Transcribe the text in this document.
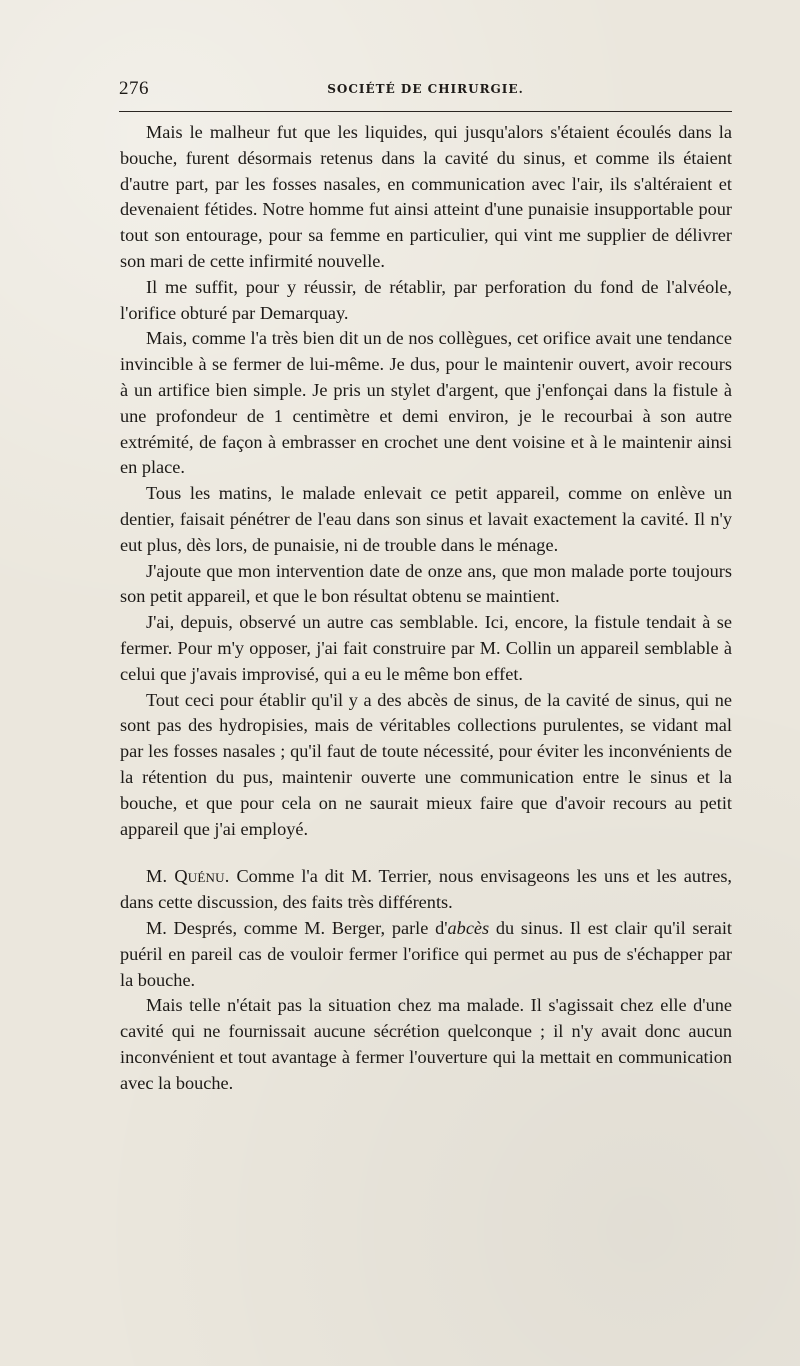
276	SOCIÉTÉ DE CHIRURGIE.

Mais le malheur fut que les liquides, qui jusqu'alors s'étaient écoulés dans la bouche, furent désormais retenus dans la cavité du sinus, et comme ils étaient d'autre part, par les fosses nasales, en communication avec l'air, ils s'altéraient et devenaient fétides. Notre homme fut ainsi atteint d'une punaisie insupportable pour tout son entourage, pour sa femme en particulier, qui vint me supplier de délivrer son mari de cette infirmité nouvelle.

Il me suffit, pour y réussir, de rétablir, par perforation du fond de l'alvéole, l'orifice obturé par Demarquay.

Mais, comme l'a très bien dit un de nos collègues, cet orifice avait une tendance invincible à se fermer de lui-même. Je dus, pour le maintenir ouvert, avoir recours à un artifice bien simple. Je pris un stylet d'argent, que j'enfonçai dans la fistule à une profondeur de 1 centimètre et demi environ, je le recourbai à son autre extrémité, de façon à embrasser en crochet une dent voisine et à le maintenir ainsi en place.

Tous les matins, le malade enlevait ce petit appareil, comme on enlève un dentier, faisait pénétrer de l'eau dans son sinus et lavait exactement la cavité. Il n'y eut plus, dès lors, de punaisie, ni de trouble dans le ménage.

J'ajoute que mon intervention date de onze ans, que mon malade porte toujours son petit appareil, et que le bon résultat obtenu se maintient.

J'ai, depuis, observé un autre cas semblable. Ici, encore, la fistule tendait à se fermer. Pour m'y opposer, j'ai fait construire par M. Collin un appareil semblable à celui que j'avais improvisé, qui a eu le même bon effet.

Tout ceci pour établir qu'il y a des abcès de sinus, de la cavité de sinus, qui ne sont pas des hydropisies, mais de véritables collections purulentes, se vidant mal par les fosses nasales ; qu'il faut de toute nécessité, pour éviter les inconvénients de la rétention du pus, maintenir ouverte une communication entre le sinus et la bouche, et que pour cela on ne saurait mieux faire que d'avoir recours au petit appareil que j'ai employé.

M. Quénu. Comme l'a dit M. Terrier, nous envisageons les uns et les autres, dans cette discussion, des faits très différents.

M. Després, comme M. Berger, parle d'abcès du sinus. Il est clair qu'il serait puéril en pareil cas de vouloir fermer l'orifice qui permet au pus de s'échapper par la bouche.

Mais telle n'était pas la situation chez ma malade. Il s'agissait chez elle d'une cavité qui ne fournissait aucune sécrétion quelconque ; il n'y avait donc aucun inconvénient et tout avantage à fermer l'ouverture qui la mettait en communication avec la bouche.
